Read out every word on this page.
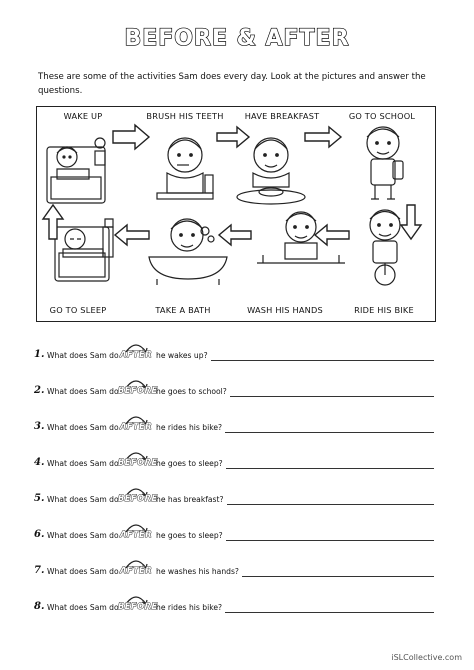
BEFORE & AFTER
These are some of the activities Sam does every day. Look at the pictures and answer the questions.
WAKE UP	BRUSH HIS TEETH	HAVE BREAKFAST	GO TO SCHOOL
GO TO SLEEP	TAKE A BATH	WASH HIS HANDS	RIDE HIS BIKE
1. What does Sam do AFTER he wakes up?
2. What does Sam do BEFORE
he goes to school?
3. What does Sam do AFTER he rides his bike?
4. What does Sam do BEFORE
he goes to sleep?
5. What does Sam do BEFORE
he has breakfast?
6. What does Sam do AFTER he goes to sleep?
7. What does Sam do AFTER he washes his hands?
8. What does Sam do BEFORE
he rides his bike?
iSLCollective.com
